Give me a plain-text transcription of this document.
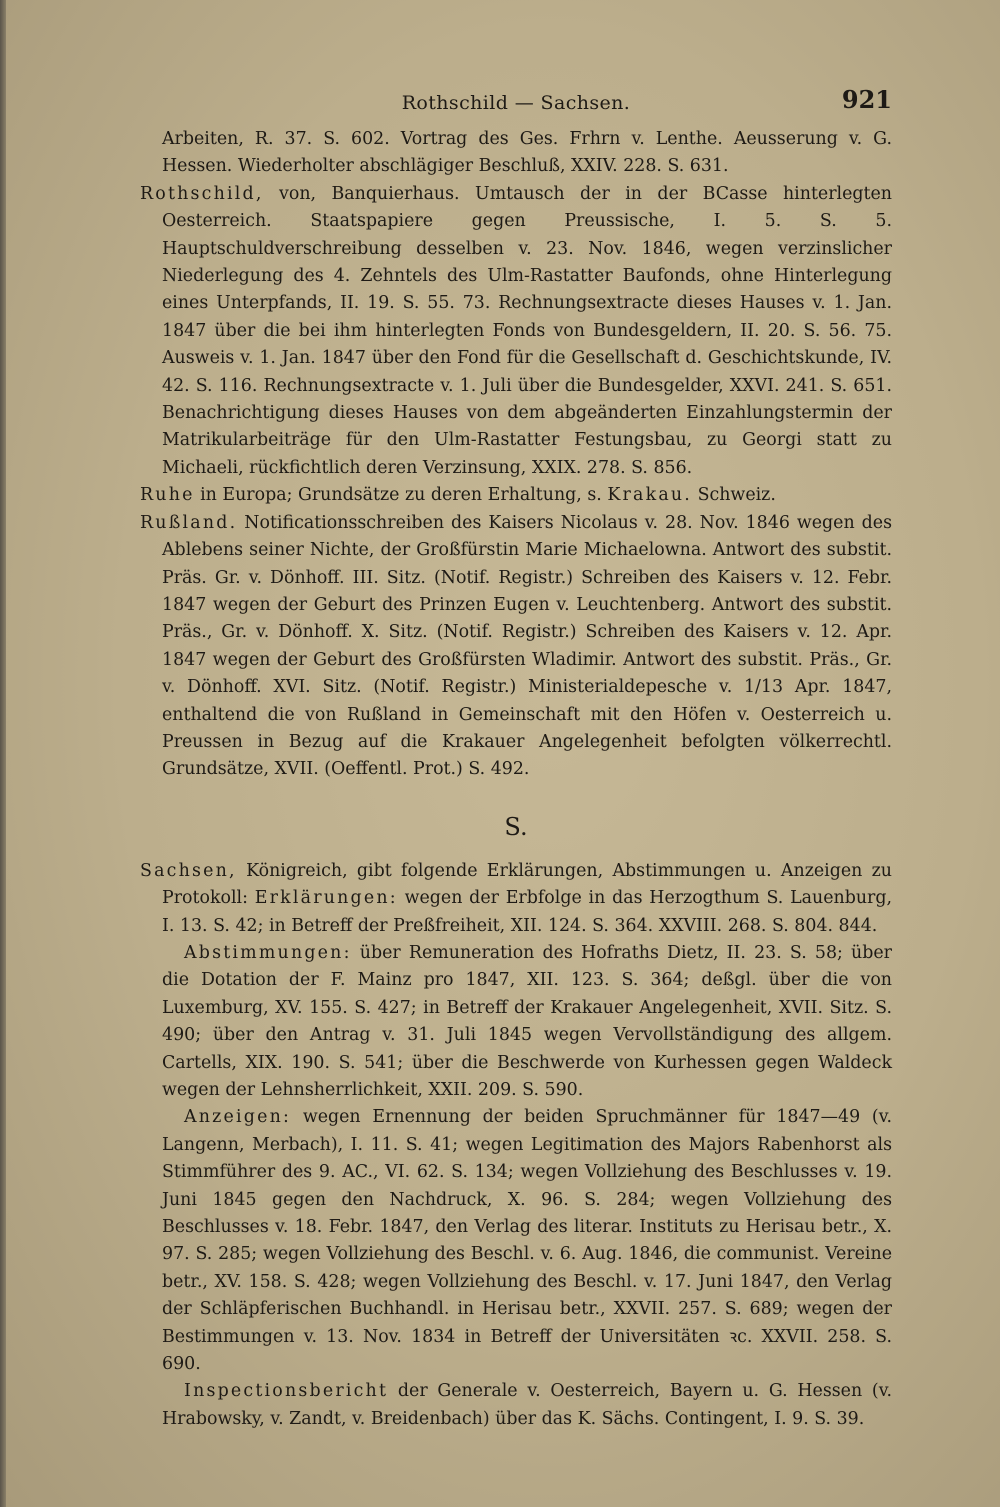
Rothschild — Sachsen.	921
Arbeiten, R. 37. S. 602. Vortrag des Ges. Frhrn v. Lenthe. Aeusserung v. G. Hessen. Wiederholter abschlägiger Beschluß, XXIV. 228. S. 631.
Rothschild, von, Banquierhaus. Umtausch der in der BCasse hinterlegten Oesterreich. Staatspapiere gegen Preussische, I. 5. S. 5. Hauptschuldverschreibung desselben v. 23. Nov. 1846, wegen verzinslicher Niederlegung des 4. Zehntels des Ulm-Rastatter Baufonds, ohne Hinterlegung eines Unterpfands, II. 19. S. 55. 73. Rechnungsextracte dieses Hauses v. 1. Jan. 1847 über die bei ihm hinterlegten Fonds von Bundesgeldern, II. 20. S. 56. 75. Ausweis v. 1. Jan. 1847 über den Fond für die Gesellschaft d. Geschichtskunde, IV. 42. S. 116. Rechnungsextracte v. 1. Juli über die Bundesgelder, XXVI. 241. S. 651. Benachrichtigung dieses Hauses von dem abgeänderten Einzahlungstermin der Matrikularbeiträge für den Ulm-Rastatter Festungsbau, zu Georgi statt zu Michaeli, rückfichtlich deren Verzinsung, XXIX. 278. S. 856.
Ruhe in Europa; Grundsätze zu deren Erhaltung, s. Krakau. Schweiz.
Rußland. Notificationsschreiben des Kaisers Nicolaus v. 28. Nov. 1846 wegen des Ablebens seiner Nichte, der Großfürstin Marie Michaelowna. Antwort des substit. Präs. Gr. v. Dönhoff. III. Sitz. (Notif. Registr.) Schreiben des Kaisers v. 12. Febr. 1847 wegen der Geburt des Prinzen Eugen v. Leuchtenberg. Antwort des substit. Präs., Gr. v. Dönhoff. X. Sitz. (Notif. Registr.) Schreiben des Kaisers v. 12. Apr. 1847 wegen der Geburt des Großfürsten Wladimir. Antwort des substit. Präs., Gr. v. Dönhoff. XVI. Sitz. (Notif. Registr.) Ministerialdepesche v. 1/13 Apr. 1847, enthaltend die von Rußland in Gemeinschaft mit den Höfen v. Oesterreich u. Preussen in Bezug auf die Krakauer Angelegenheit befolgten völkerrechtl. Grundsätze, XVII. (Oeffentl. Prot.) S. 492.
S.
Sachsen, Königreich, gibt folgende Erklärungen, Abstimmungen u. Anzeigen zu Protokoll: Erklärungen: wegen der Erbfolge in das Herzogthum S. Lauenburg, I. 13. S. 42; in Betreff der Preßfreiheit, XII. 124. S. 364. XXVIII. 268. S. 804. 844.
Abstimmungen: über Remuneration des Hofraths Dietz, II. 23. S. 58; über die Dotation der F. Mainz pro 1847, XII. 123. S. 364; deßgl. über die von Luxemburg, XV. 155. S. 427; in Betreff der Krakauer Angelegenheit, XVII. Sitz. S. 490; über den Antrag v. 31. Juli 1845 wegen Vervollständigung des allgem. Cartells, XIX. 190. S. 541; über die Beschwerde von Kurhessen gegen Waldeck wegen der Lehnsherrlichkeit, XXII. 209. S. 590.
Anzeigen: wegen Ernennung der beiden Spruchmänner für 1847—49 (v. Langenn, Merbach), I. 11. S. 41; wegen Legitimation des Majors Rabenhorst als Stimmführer des 9. AC., VI. 62. S. 134; wegen Vollziehung des Beschlusses v. 19. Juni 1845 gegen den Nachdruck, X. 96. S. 284; wegen Vollziehung des Beschlusses v. 18. Febr. 1847, den Verlag des literar. Instituts zu Herisau betr., X. 97. S. 285; wegen Vollziehung des Beschl. v. 6. Aug. 1846, die communist. Vereine betr., XV. 158. S. 428; wegen Vollziehung des Beschl. v. 17. Juni 1847, den Verlag der Schläpferischen Buchhandl. in Herisau betr., XXVII. 257. S. 689; wegen der Bestimmungen v. 13. Nov. 1834 in Betreff der Universitäten ꝛc. XXVII. 258. S. 690.
Inspectionsbericht der Generale v. Oesterreich, Bayern u. G. Hessen (v. Hrabowsky, v. Zandt, v. Breidenbach) über das K. Sächs. Contingent, I. 9. S. 39.
